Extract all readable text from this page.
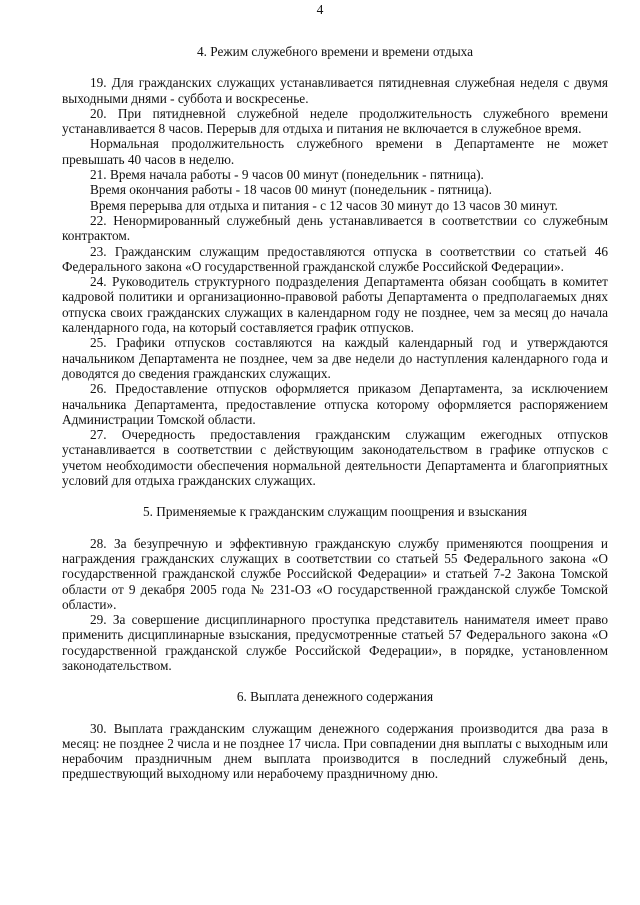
4

4. Режим служебного времени и времени отдыха

19. Для гражданских служащих устанавливается пятидневная служебная неделя с двумя выходными днями - суббота и воскресенье.

20. При пятидневной служебной неделе продолжительность служебного времени устанавливается 8 часов. Перерыв для отдыха и питания не включается в служебное время.

Нормальная продолжительность служебного времени в Департаменте не может превышать 40 часов в неделю.

21. Время начала работы - 9 часов 00 минут (понедельник - пятница).

Время окончания работы - 18 часов 00 минут (понедельник - пятница).

Время перерыва для отдыха и питания - с 12 часов 30 минут до 13 часов 30 минут.

22. Ненормированный служебный день устанавливается в соответствии со служебным контрактом.

23. Гражданским служащим предоставляются отпуска в соответствии со статьей 46 Федерального закона «О государственной гражданской службе Российской Федерации».

24. Руководитель структурного подразделения Департамента обязан сообщать в комитет кадровой политики и организационно-правовой работы Департамента о предполагаемых днях отпуска своих гражданских служащих в календарном году не позднее, чем за месяц до начала календарного года, на который составляется график отпусков.

25. Графики отпусков составляются на каждый календарный год и утверждаются начальником Департамента не позднее, чем за две недели до наступления календарного года и доводятся до сведения гражданских служащих.

26. Предоставление отпусков оформляется приказом Департамента, за исключением начальника Департамента, предоставление отпуска которому оформляется распоряжением Администрации Томской области.

27. Очередность предоставления гражданским служащим ежегодных отпусков устанавливается в соответствии с действующим законодательством в графике отпусков с учетом необходимости обеспечения нормальной деятельности Департамента и благоприятных условий для отдыха гражданских служащих.

5. Применяемые к гражданским служащим поощрения и взыскания

28. За безупречную и эффективную гражданскую службу применяются поощрения и награждения гражданских служащих в соответствии со статьей 55 Федерального закона «О государственной гражданской службе Российской Федерации» и статьей 7-2 Закона Томской области от 9 декабря 2005 года № 231-ОЗ «О государственной гражданской службе Томской области».

29. За совершение дисциплинарного проступка представитель нанимателя имеет право применить дисциплинарные взыскания, предусмотренные статьей 57 Федерального закона «О государственной гражданской службе Российской Федерации», в порядке, установленном законодательством.

6. Выплата денежного содержания

30. Выплата гражданским служащим денежного содержания производится два раза в месяц: не позднее 2 числа и не позднее 17 числа. При совпадении дня выплаты с выходным или нерабочим праздничным днем выплата производится в последний служебный день, предшествующий выходному или нерабочему праздничному дню.
